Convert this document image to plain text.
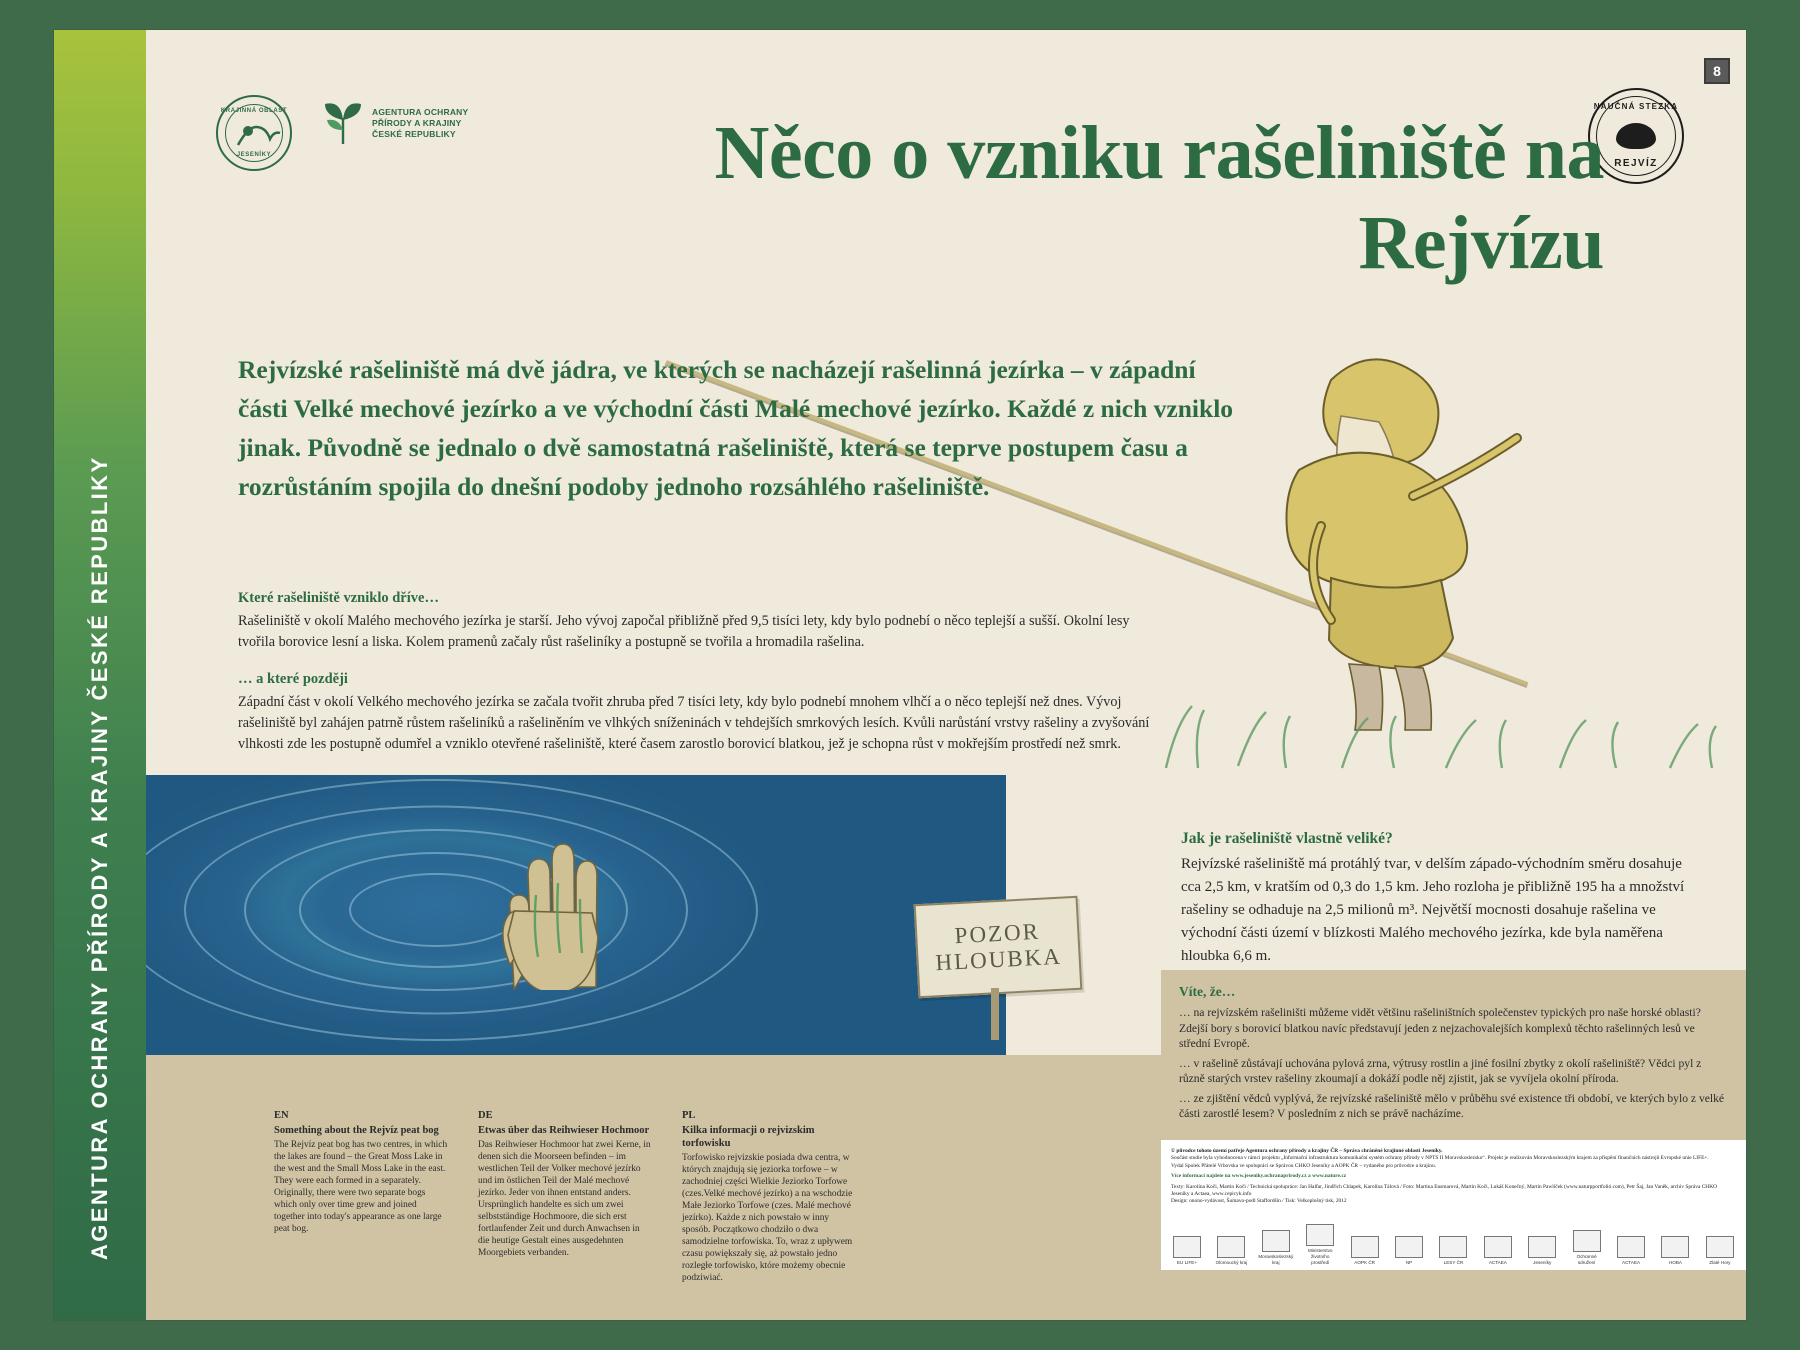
AGENTURA OCHRANY PŘÍRODY A KRAJINY ČESKÉ REPUBLIKY	POZOR
HLOUBKA
KRAJINNÁ OBLAST
JESENÍKY
AGENTURA OCHRANY
PŘÍRODY A KRAJINY
ČESKÉ REPUBLIKY
NAUČNÁ STEZKA
REJVÍZ
8
Něco o vzniku rašeliniště na Rejvízu
Rejvízské rašeliniště má dvě jádra, ve kterých se nacházejí rašelinná jezírka – v západní části Velké mechové jezírko a ve východní části Malé mechové jezírko. Každé z nich vzniklo jinak. Původně se jednalo o dvě samostatná rašeliniště, která se teprve postupem času a rozrůstáním spojila do dnešní podoby jednoho rozsáhlého rašeliniště.
Které rašeliniště vzniklo dříve…

Rašeliniště v okolí Malého mechového jezírka je starší. Jeho vývoj započal přibližně před 9,5 tisíci lety, kdy bylo podnebí o něco teplejší a sušší. Okolní lesy tvořila borovice lesní a liska. Kolem pramenů začaly růst rašeliníky a postupně se tvořila a hromadila rašelina.

… a které později

Západní část v okolí Velkého mechového jezírka se začala tvořit zhruba před 7 tisíci lety, kdy bylo podnebí mnohem vlhčí a o něco teplejší než dnes. Vývoj rašeliniště byl zahájen patrně růstem rašeliníků a rašeliněním ve vlhkých sníženinách v tehdejších smrkových lesích. Kvůli narůstání vrstvy rašeliny a zvyšování vlhkosti zde les postupně odumřel a vzniklo otevřené rašeliniště, které časem zarostlo borovicí blatkou, jež je schopna růst v mokřejším prostředí než smrk.

Jak je rašeliniště vlastně veliké?

Rejvízské rašeliniště má protáhlý tvar, v delším západo-východním směru dosahuje cca 2,5 km, v kratším od 0,3 do 1,5 km. Jeho rozloha je přibližně 195 ha a množství rašeliny se odhaduje na 2,5 milionů m³. Největší mocnosti dosahuje rašelina ve východní části území v blízkosti Malého mechového jezírka, kde byla naměřena hloubka 6,6 m.

Víte, že…

… na rejvízském rašeliništi můžeme vidět většinu rašeliništních společenstev typických pro naše horské oblasti? Zdejší bory s borovicí blatkou navíc představují jeden z nejzachovalejších komplexů těchto rašelinných lesů ve střední Evropě.

… v rašelině zůstávají uchována pylová zrna, výtrusy rostlin a jiné fosilní zbytky z okolí rašeliniště? Vědci pyl z různě starých vrstev rašeliny zkoumají a dokáží podle něj zjistit, jak se vyvíjela okolní příroda.

… ze zjištění vědců vyplývá, že rejvízské rašeliniště mělo v průběhu své existence tři období, ve kterých bylo z velké části zarostlé lesem? V posledním z nich se právě nacházíme.

EN
Something about the Rejvíz peat bog
The Rejvíz peat bog has two centres, in which the lakes are found – the Great Moss Lake in the west and the Small Moss Lake in the east. They were each formed in a separately. Originally, there were two separate bogs which only over time grew and joined together into today's appearance as one large peat bog.
DE
Etwas über das Reihwieser Hochmoor
Das Reihwieser Hochmoor hat zwei Kerne, in denen sich die Moorseen befinden – im westlichen Teil der Volker mechové jezírko und im östlichen Teil der Malé mechové jezírko. Jeder von ihnen entstand anders. Ursprünglich handelte es sich um zwei selbstständige Hochmoore, die sich erst fortlaufender Zeit und durch Anwachsen in die heutige Gestalt eines ausgedehnten Moorgebiets verbanden.
PL
Kilka informacji o rejvizskim torfowisku
Torfowisko rejvizskie posiada dwa centra, w których znajdują się jeziorka torfowe – w zachodniej części Wielkie Jeziorko Torfowe (czes.Velké mechové jezírko) a na wschodzie Małe Jeziorko Torfowe (czes. Malé mechové jezírko). Każde z nich powstało w inny sposób. Początkowo chodziło o dwa samodzielne torfowiska. To, wraz z upływem czasu powiększały się, aż powstało jedno rozległe torfowisko, które możemy obecnie podziwiać.
© původce tohoto území patřeje Agentura ochrany přírody a krajiny ČR – Správa chráněné krajinné oblasti Jeseníky.
Součást studie byla vyhodnocena v rámci projektu „Informační infrastruktura komunikační systém ochrany přírody v NPTS II Moravskoslezsko“. Projekt je realizován Moravskoslezským krajem za přispění finančních nástrojů Evropské unie LIFE+.
Vydal Spolek Přátelé Vrbovska ve spolupráci se Správou CHKO Jeseníky a AOPK ČR – vydaného pro průvodce a krajinu.
Více informací najdete na www.jeseniky.ochranaprirody.cz a www.nature.cz
Texty: Karolína Koči, Martin Koči / Technická spolupráce: Jan Halfar, Jindřich Chlapek, Karolína Tálová / Foto: Martina Ensmarová, Martin Koči, Lukáš Konečný, Martin Pawlíček (www.naturpportfolió.com), Petr Šaj, Jan Vaněk, archiv Správa CHKO Jeseníky a Actaea, www.cepicyk.info
Design: onono-vydávost, Šumavo-podl Staffordšín / Tisk: Velkoplošný tisk, 2012
EU LIFE+	Olomoucký kraj
Moravskoslezský kraj
Ministerstvo životního prostředí	AOPK ČR	NP	LESY ČR	ACTAEA	Jeseníky
Ochranné sdružení	ACTAEA	HOBA	Zlaté Hory
